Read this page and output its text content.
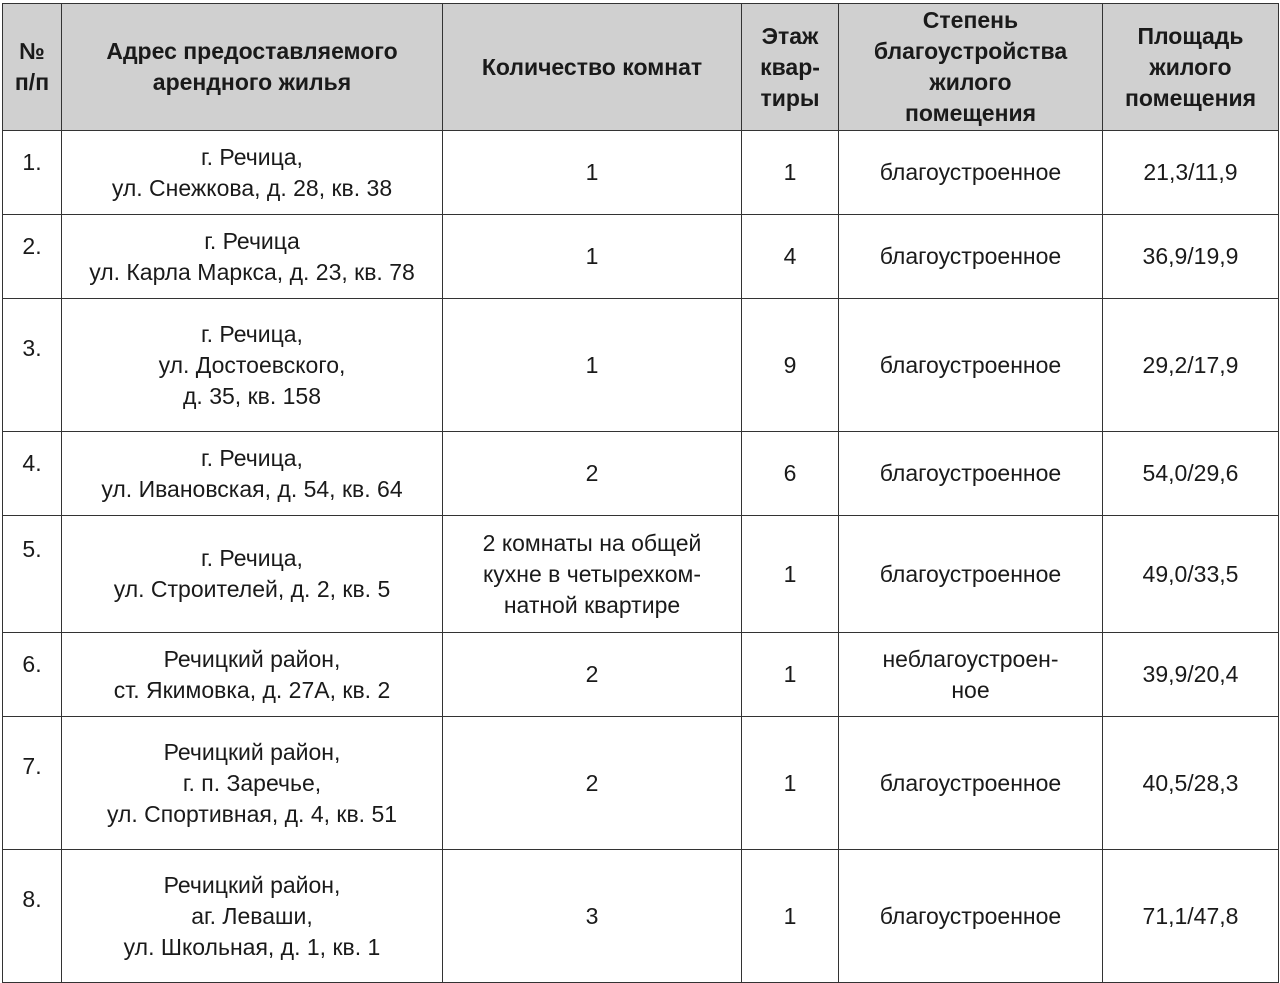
№
п/п	Адрес предоставляемого
арендного жилья	Количество комнат	Этаж
квар-
тиры	Степень
благоустройства
жилого
помещения	Площадь
жилого
помещения
1.	г. Речица,
ул. Снежкова, д. 28, кв. 38	1	1	благоустроенное	21,3/11,9
2.	г. Речица
ул. Карла Маркса, д. 23, кв. 78	1	4	благоустроенное	36,9/19,9
3.	г. Речица,
ул. Достоевского,
д. 35, кв. 158	1	9	благоустроенное	29,2/17,9
4.	г. Речица,
ул. Ивановская, д. 54, кв. 64	2	6	благоустроенное	54,0/29,6
5.	г. Речица,
ул. Строителей, д. 2, кв. 5	2 комнаты на общей
кухне в четырехком-
натной квартире	1	благоустроенное	49,0/33,5
6.	Речицкий район,
ст. Якимовка, д. 27А, кв. 2	2	1	неблагоустроен-
ное	39,9/20,4
7.	Речицкий район,
г. п. Заречье,
ул. Спортивная, д. 4, кв. 51	2	1	благоустроенное	40,5/28,3
8.	Речицкий район,
аг. Леваши,
ул. Школьная, д. 1, кв. 1	3	1	благоустроенное	71,1/47,8
